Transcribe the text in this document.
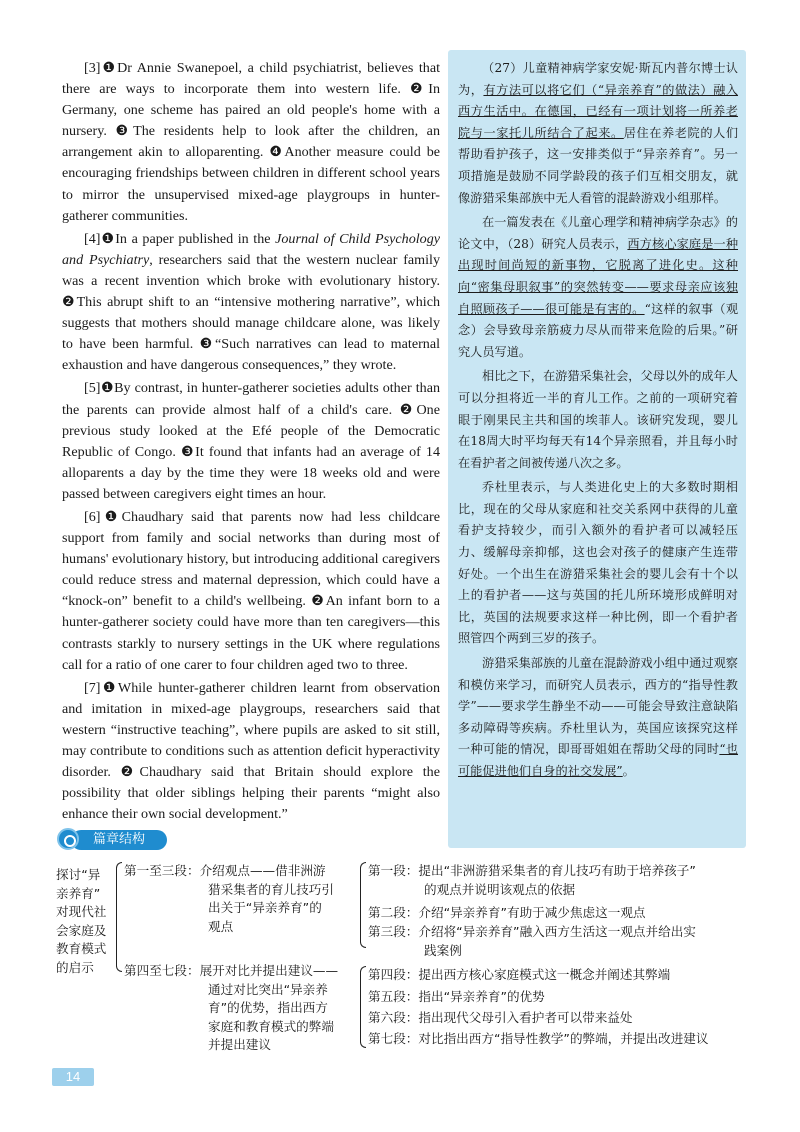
[3]❶Dr Annie Swanepoel, a child psychiatrist, believes that there are ways to incorporate them into western life. ❷In Germany, one scheme has paired an old people's home with a nursery. ❸The residents help to look after the children, an arrangement akin to alloparenting. ❹Another measure could be encouraging friendships between children in different school years to mirror the unsupervised mixed-age playgroups in hunter-gatherer communities.

[4]❶In a paper published in the Journal of Child Psychology and Psychiatry, researchers said that the western nuclear family was a recent invention which broke with evolutionary history. ❷This abrupt shift to an “intensive mothering narrative”, which suggests that mothers should manage childcare alone, was likely to have been harmful. ❸“Such narratives can lead to maternal exhaustion and have dangerous consequences,” they wrote.

[5]❶By contrast, in hunter-gatherer societies adults other than the parents can provide almost half of a child's care. ❷One previous study looked at the Efé people of the Democratic Republic of Congo. ❸It found that infants had an average of 14 alloparents a day by the time they were 18 weeks old and were passed between caregivers eight times an hour.

[6]❶Chaudhary said that parents now had less childcare support from family and social networks than during most of humans' evolutionary history, but introducing additional caregivers could reduce stress and maternal depression, which could have a “knock-on” benefit to a child's wellbeing. ❷An infant born to a hunter-gatherer society could have more than ten caregivers—this contrasts starkly to nursery settings in the UK where regulations call for a ratio of one carer to four children aged two to three.

[7]❶While hunter-gatherer children learnt from observation and imitation in mixed-age playgroups, researchers said that western “instructive teaching”, where pupils are asked to sit still, may contribute to conditions such as attention deficit hyperactivity disorder. ❷Chaudhary said that Britain should explore the possibility that older siblings helping their parents “might also enhance their own social development.”

（27）儿童精神病学家安妮·斯瓦内普尔博士认为，有方法可以将它们（“异亲养育”的做法）融入西方生活中。在德国，已经有一项计划将一所养老院与一家托儿所结合了起来。居住在养老院的人们帮助看护孩子，这一安排类似于“异亲养育”。另一项措施是鼓励不同学龄段的孩子们互相交朋友，就像游猎采集部族中无人看管的混龄游戏小组那样。

在一篇发表在《儿童心理学和精神病学杂志》的论文中，（28）研究人员表示，西方核心家庭是一种出现时间尚短的新事物，它脱离了进化史。这种向“密集母职叙事”的突然转变——要求母亲应该独自照顾孩子——很可能是有害的。“这样的叙事（观念）会导致母亲筋疲力尽从而带来危险的后果。”研究人员写道。

相比之下，在游猎采集社会，父母以外的成年人可以分担将近一半的育儿工作。之前的一项研究着眼于刚果民主共和国的埃菲人。该研究发现，婴儿在18周大时平均每天有14个异亲照看，并且每小时在看护者之间被传递八次之多。

乔杜里表示，与人类进化史上的大多数时期相比，现在的父母从家庭和社交关系网中获得的儿童看护支持较少，而引入额外的看护者可以减轻压力、缓解母亲抑郁，这也会对孩子的健康产生连带好处。一个出生在游猎采集社会的婴儿会有十个以上的看护者——这与英国的托儿所环境形成鲜明对比，英国的法规要求这样一种比例，即一个看护者照管四个两到三岁的孩子。

游猎采集部族的儿童在混龄游戏小组中通过观察和模仿来学习，而研究人员表示，西方的“指导性教学”——要求学生静坐不动——可能会导致注意缺陷多动障碍等疾病。乔杜里认为，英国应该探究这样一种可能的情况，即哥哥姐姐在帮助父母的同时“也可能促进他们自身的社交发展”。

篇章结构
探讨“异
亲养育”
对现代社
会家庭及
教育模式
的启示
第一至三段：介绍观点——借非洲游
猎采集者的育儿技巧引
出关于“异亲养育”的
观点
第四至七段：展开对比并提出建议——
通过对比突出“异亲养
育”的优势，指出西方
家庭和教育模式的弊端
并提出建议
第一段：提出“非洲游猎采集者的育儿技巧有助于培养孩子”
的观点并说明该观点的依据
第二段：介绍“异亲养育”有助于减少焦虑这一观点
第三段：介绍将“异亲养育”融入西方生活这一观点并给出实
践案例
第四段：提出西方核心家庭模式这一概念并阐述其弊端
第五段：指出“异亲养育”的优势
第六段：指出现代父母引入看护者可以带来益处
第七段：对比指出西方“指导性教学”的弊端，并提出改进建议
14
